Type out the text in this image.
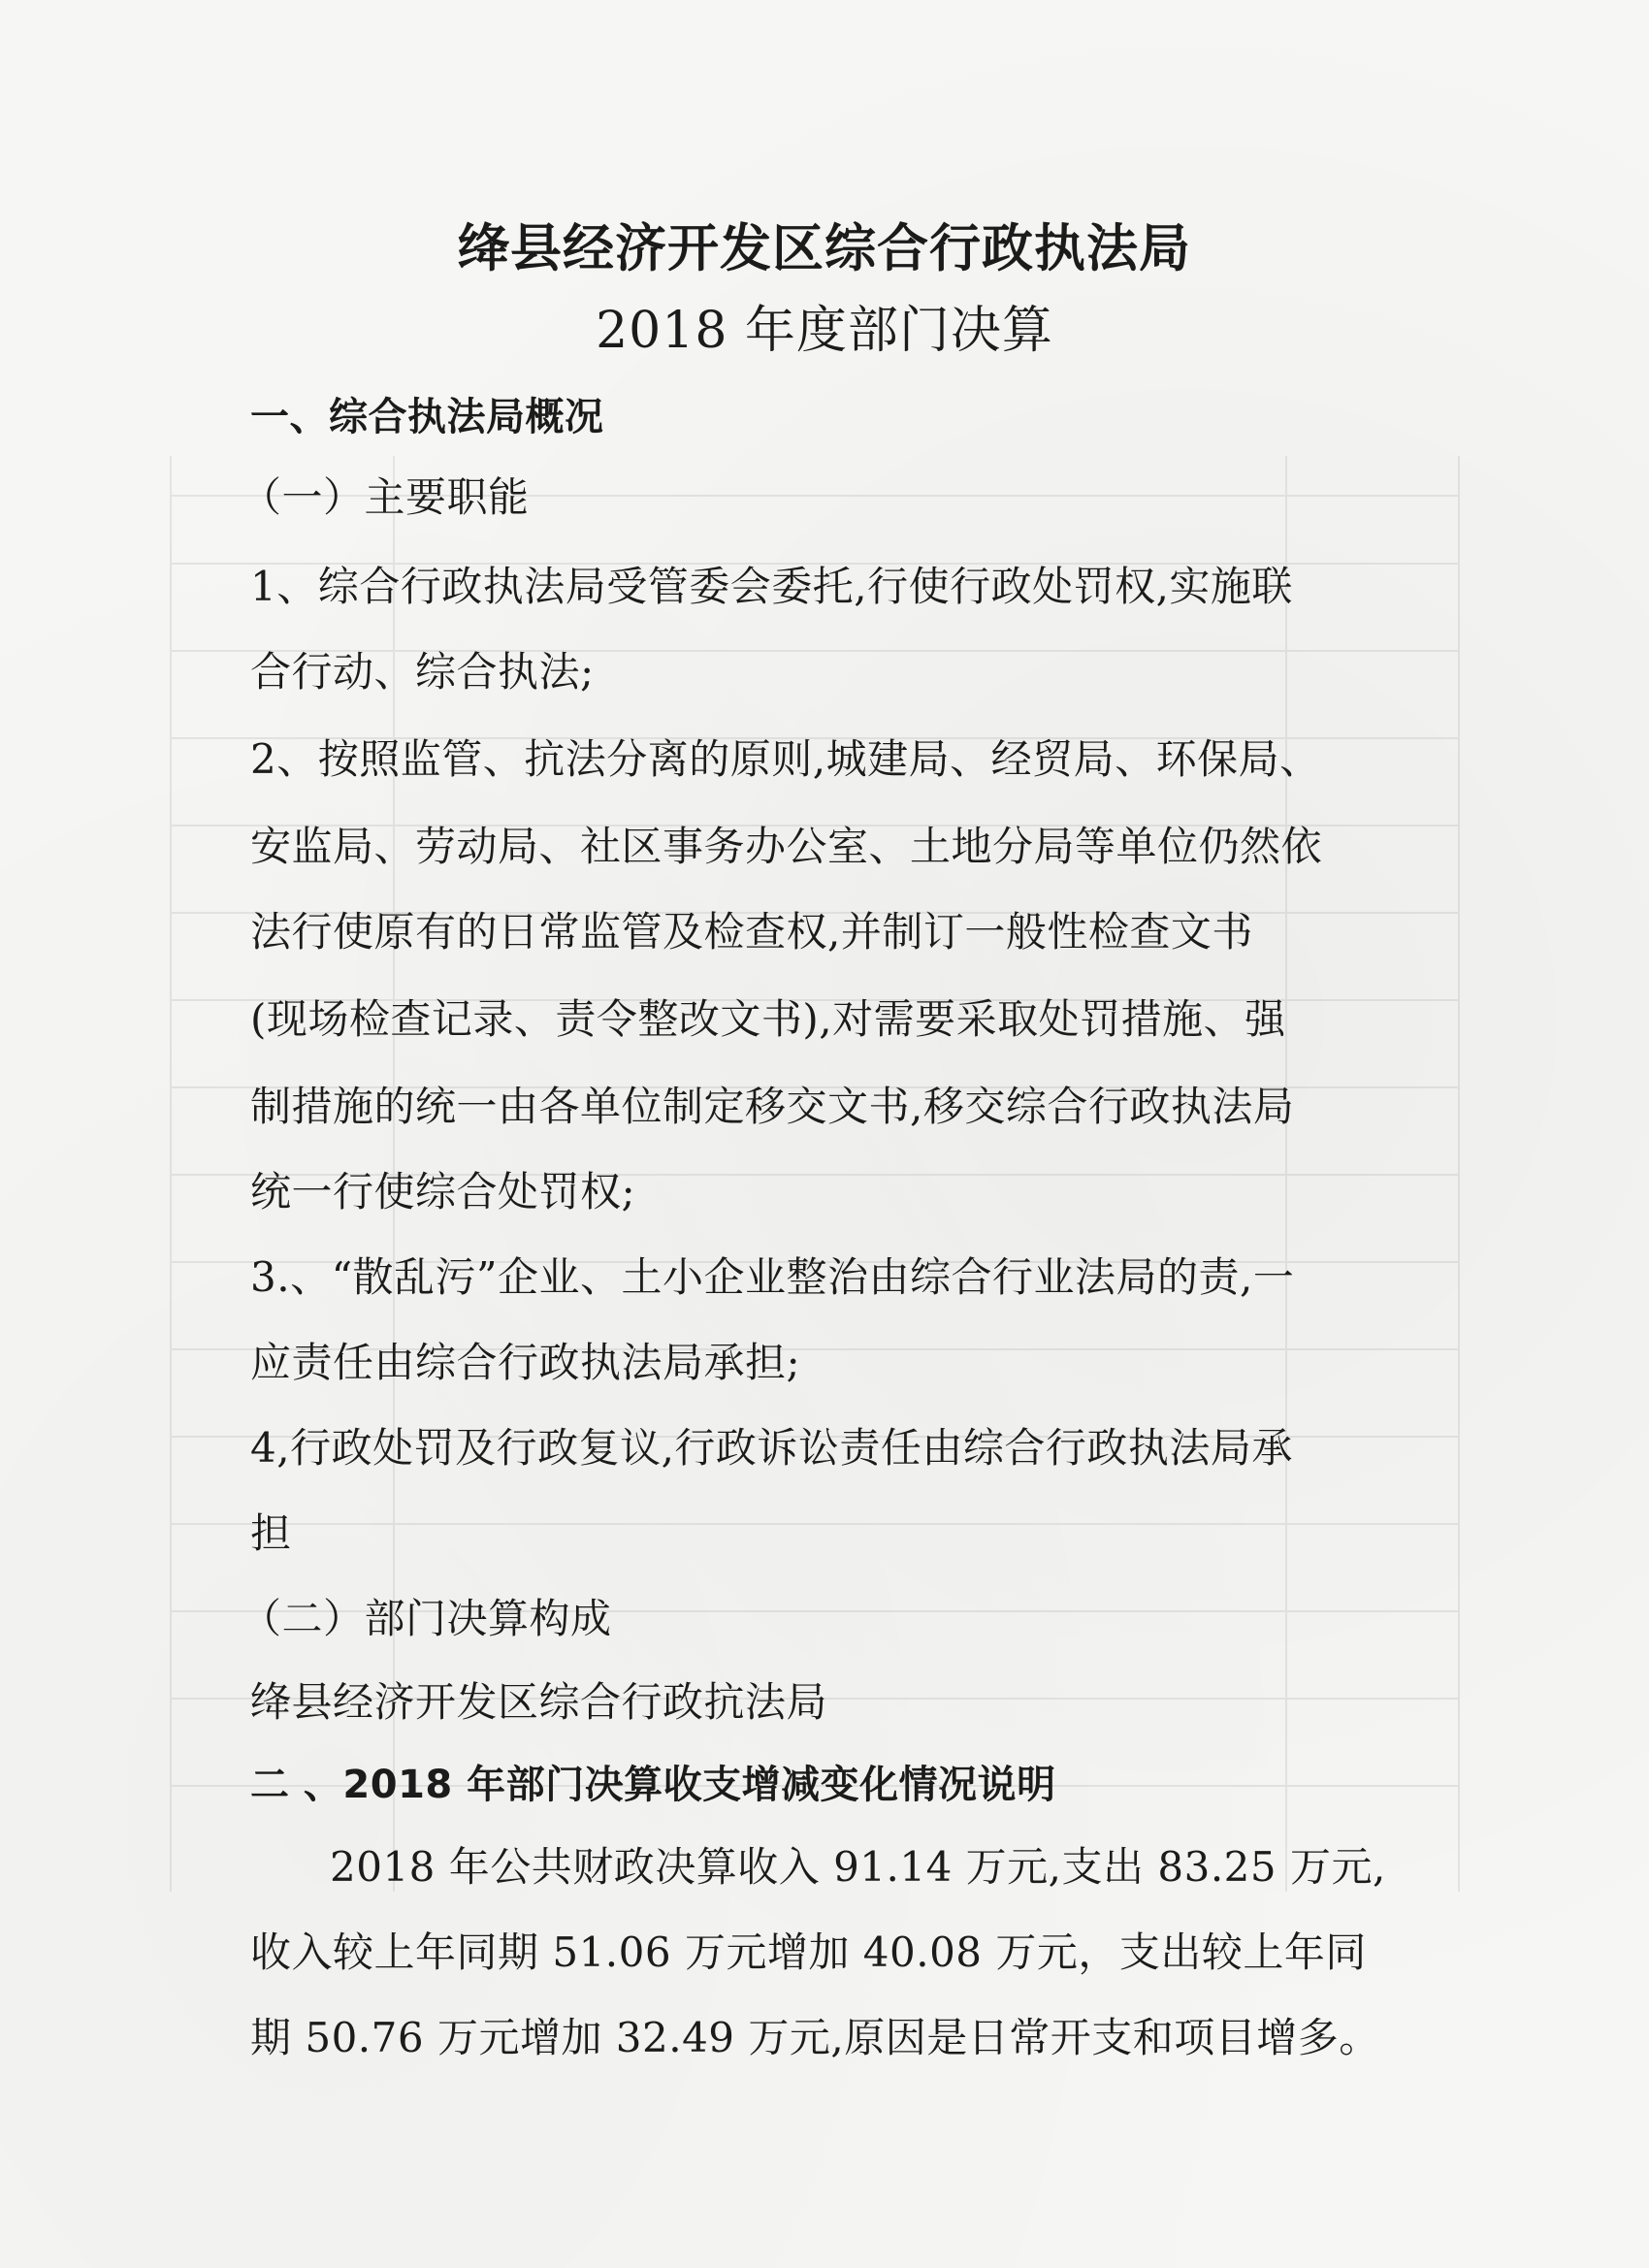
绛县经济开发区综合行政执法局
2018 年度部门决算
一、综合执法局概况
（一）主要职能
1、综合行政执法局受管委会委托,行使行政处罚权,实施联
合行动、综合执法;
2、按照监管、抗法分离的原则,城建局、经贸局、环保局、
安监局、劳动局、社区事务办公室、土地分局等单位仍然依
法行使原有的日常监管及检查权,并制订一般性检查文书
(现场检查记录、责令整改文书),对需要采取处罚措施、强
制措施的统一由各单位制定移交文书,移交综合行政执法局
统一行使综合处罚权;
3.、“散乱污”企业、土小企业整治由综合行业法局的责,一
应责任由综合行政执法局承担;
4,行政处罚及行政复议,行政诉讼责任由综合行政执法局承
担
（二）部门决算构成
绛县经济开发区综合行政抗法局
二 、2018 年部门决算收支增减变化情况说明
2018 年公共财政决算收入 91.14 万元,支出 83.25 万元,
收入较上年同期 51.06 万元增加 40.08 万元，支出较上年同
期 50.76 万元增加 32.49 万元,原因是日常开支和项目增多。
